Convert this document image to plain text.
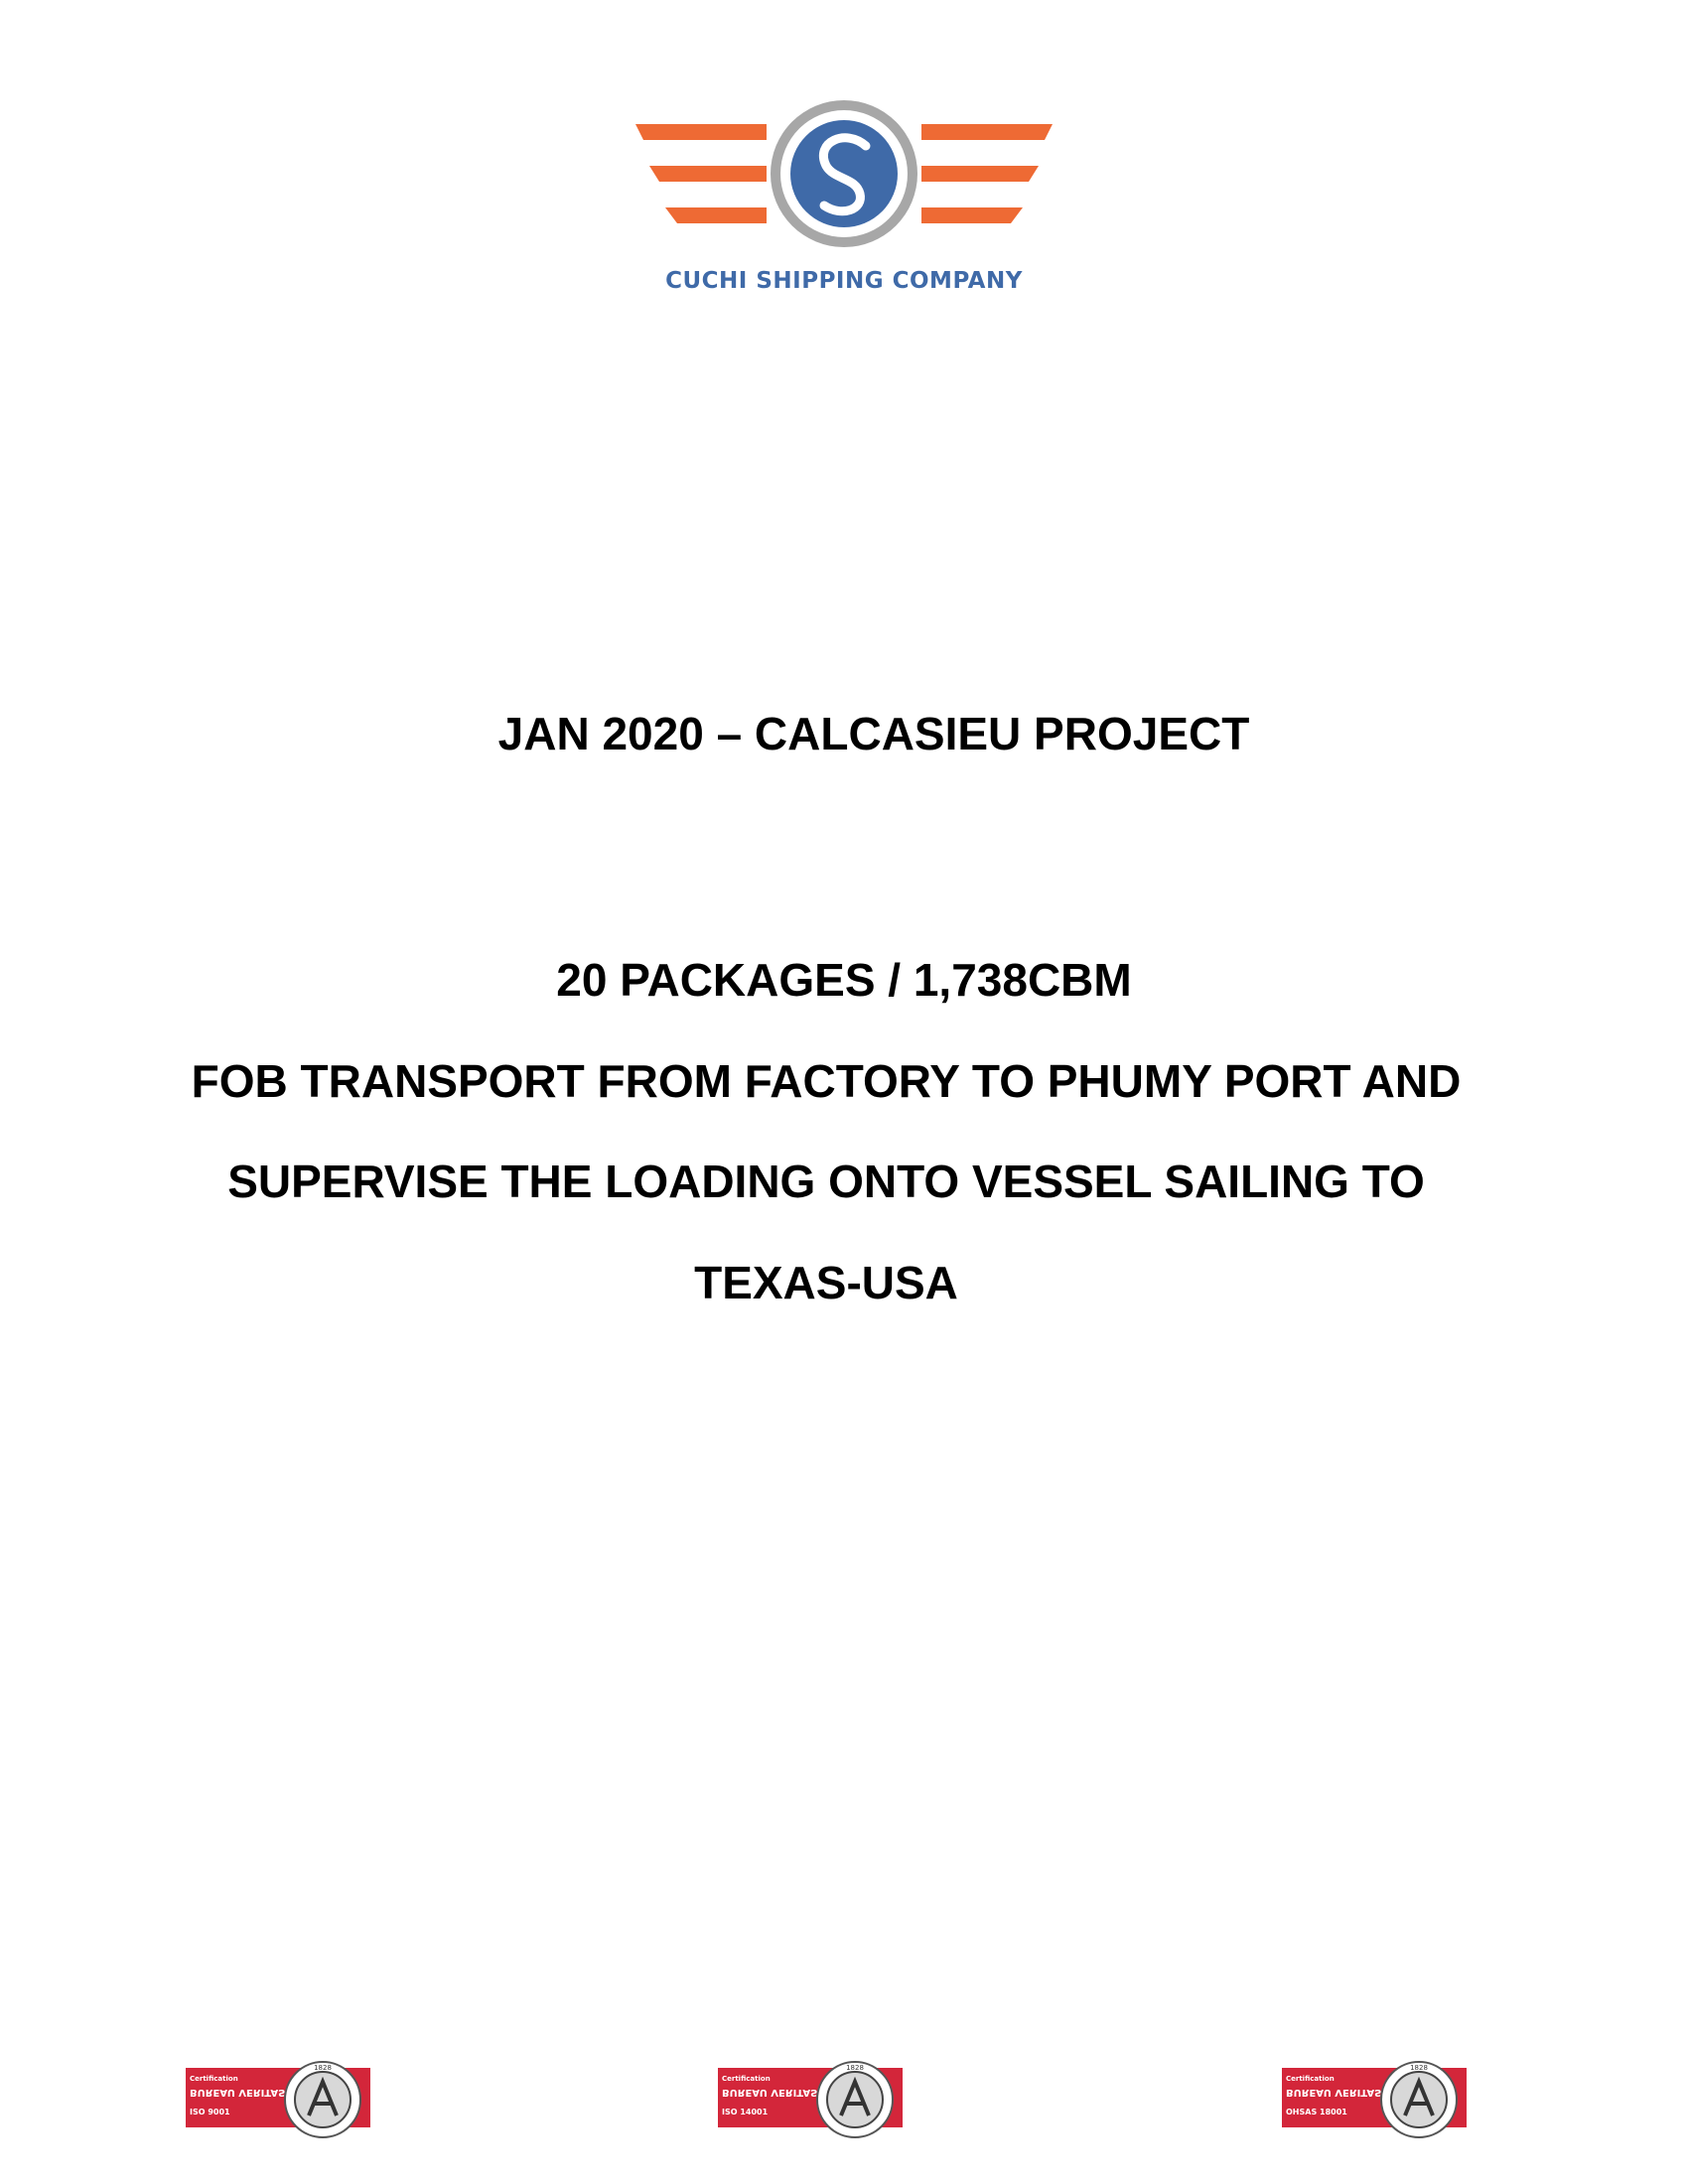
CUCHI SHIPPING COMPANY
JAN 2020 – CALCASIEU PROJECT
20 PACKAGES / 1,738CBM
FOB TRANSPORT FROM FACTORY TO PHUMY PORT AND
SUPERVISE THE LOADING ONTO VESSEL SAILING TO
TEXAS-USA
Certification
BUREAU VERITAS
ISO 9001
1828
Certification
BUREAU VERITAS
ISO 14001
1828
Certification
BUREAU VERITAS
OHSAS 18001
1828
